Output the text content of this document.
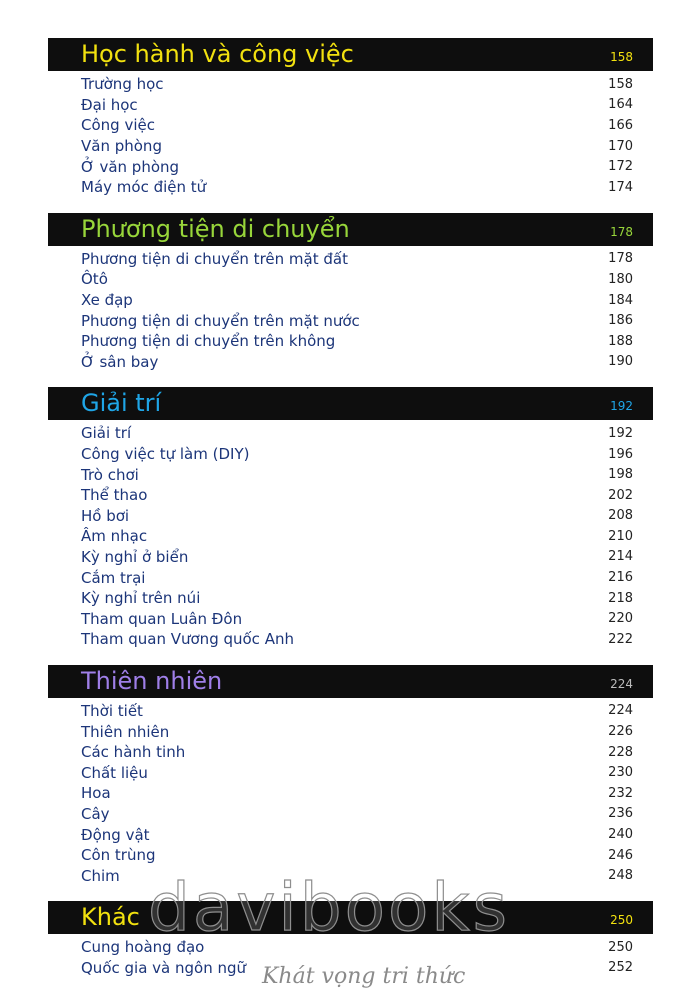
Học hành và công việc	158
Trường học	158
Đại học	164
Công việc	166
Văn phòng	170
Ở văn phòng	172
Máy móc điện tử	174
Phương tiện di chuyển	178
Phương tiện di chuyển trên mặt đất	178
Ôtô	180
Xe đạp	184
Phương tiện di chuyển trên mặt nước	186
Phương tiện di chuyển trên không	188
Ở sân bay	190
Giải trí	192
Giải trí	192
Công việc tự làm (DIY)	196
Trò chơi	198
Thể thao	202
Hồ bơi	208
Âm nhạc	210
Kỳ nghỉ ở biển	214
Cắm trại	216
Kỳ nghỉ trên núi	218
Tham quan Luân Đôn	220
Tham quan Vương quốc Anh	222
Thiên nhiên	224
Thời tiết	224
Thiên nhiên	226
Các hành tinh	228
Chất liệu	230
Hoa	232
Cây	236
Động vật	240
Côn trùng	246
Chim	248
Khác	250
Cung hoàng đạo	250
Quốc gia và ngôn ngữ	252
davibooks
Khát vọng tri thức
